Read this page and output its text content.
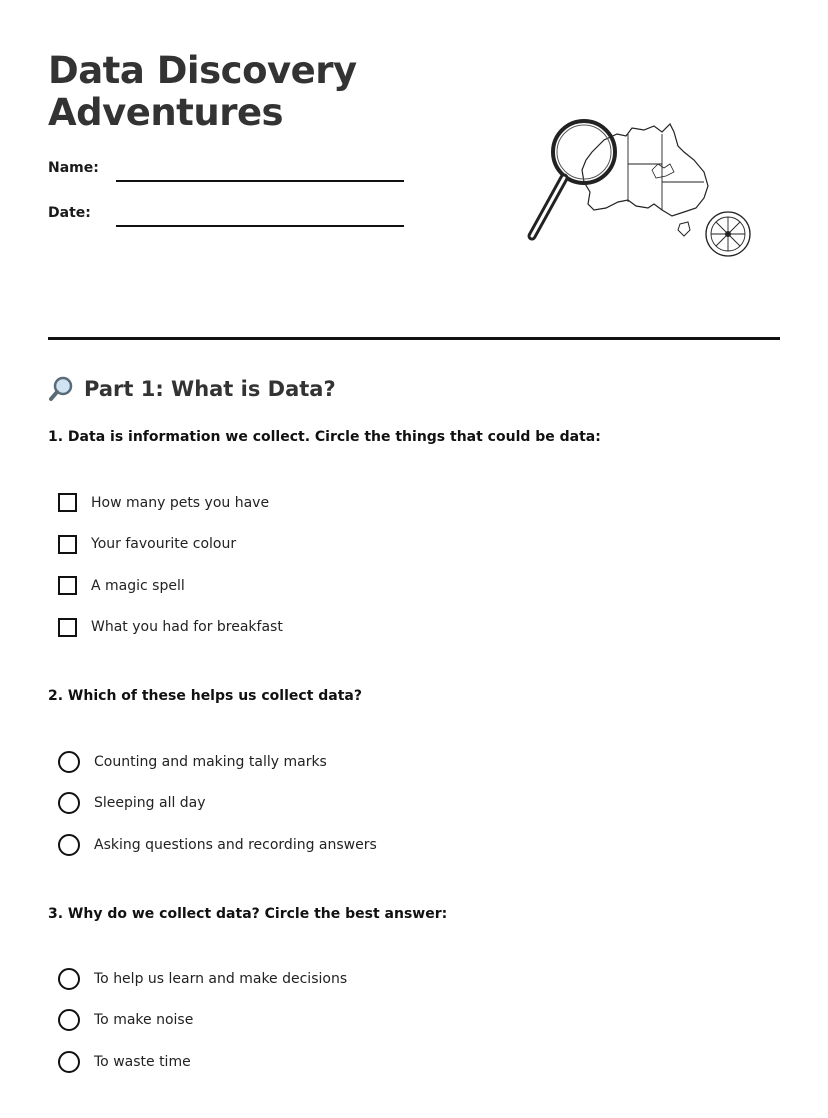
Data Discovery
Adventures
Name:
Date:
Part 1: What is Data?

1. Data is information we collect. Circle the things that could be data:

How many pets you have
Your favourite colour
A magic spell
What you had for breakfast

2. Which of these helps us collect data?

Counting and making tally marks
Sleeping all day
Asking questions and recording answers

3. Why do we collect data? Circle the best answer:

To help us learn and make decisions
To make noise
To waste time
